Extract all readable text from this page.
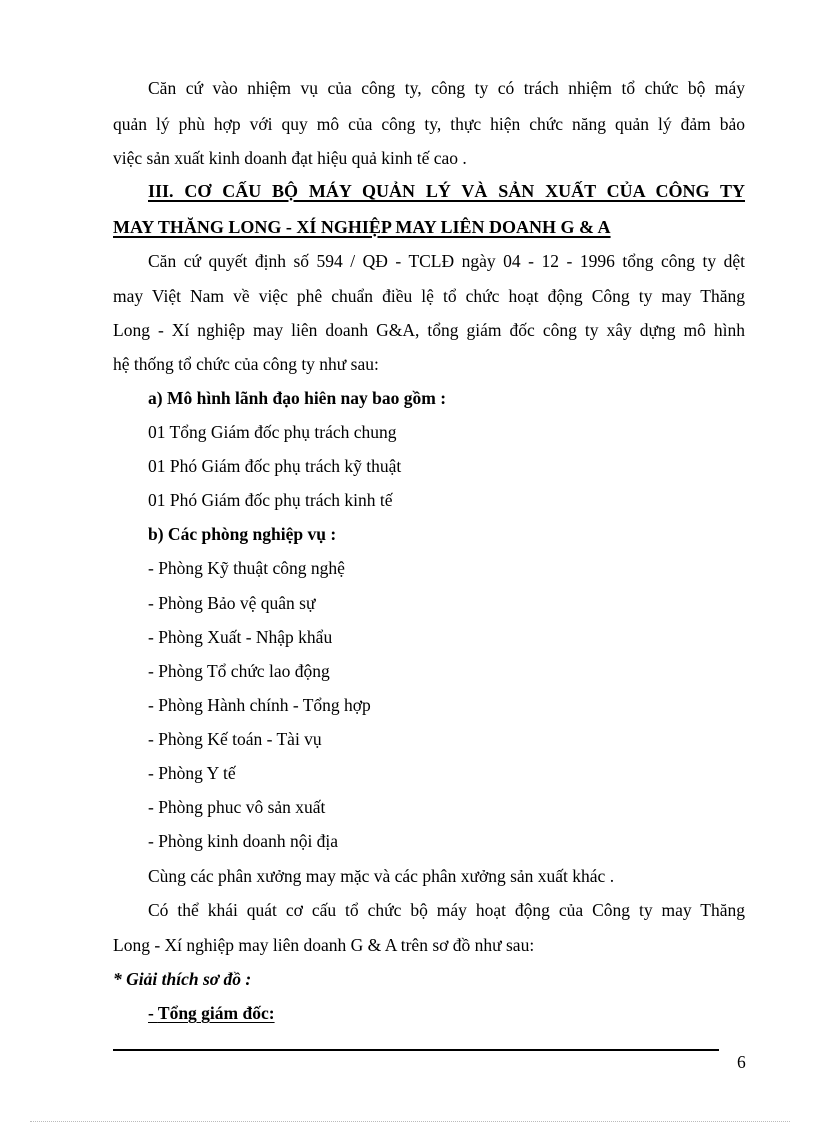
Căn cứ vào nhiệm vụ của công ty, công ty có trách nhiệm tổ chức bộ máy
quản lý phù hợp với quy mô của công ty, thực hiện chức năng quản lý đảm bảo
việc sản xuất kinh doanh đạt hiệu quả kinh tế cao .
III. CƠ CẤU BỘ MÁY QUẢN LÝ VÀ SẢN XUẤT CỦA CÔNG TY
MAY THĂNG LONG - XÍ NGHIỆP MAY LIÊN DOANH G & A
Căn cứ quyết định số 594 / QĐ - TCLĐ ngày 04 - 12 - 1996 tổng công ty dệt
may Việt Nam về việc phê chuẩn điều lệ tổ chức hoạt động Công ty may Thăng
Long - Xí nghiệp may liên doanh G&A, tổng giám đốc công ty xây dựng mô hình
hệ thống tổ chức của công ty như sau:
a) Mô hình lãnh đạo hiên nay bao gồm :
01 Tổng Giám đốc phụ trách chung
01 Phó Giám đốc phụ trách kỹ thuật
01 Phó Giám đốc phụ trách kinh tế
b) Các phòng nghiệp vụ :
- Phòng Kỹ thuật công nghệ
- Phòng Bảo vệ quân sự
- Phòng Xuất - Nhập khẩu
- Phòng Tổ chức lao động
- Phòng Hành chính - Tổng hợp
- Phòng Kế toán - Tài vụ
- Phòng Y tế
- Phòng phuc vô sản xuất
- Phòng kinh doanh nội địa
Cùng các phân xưởng may mặc và các phân xưởng sản xuất khác .
Có thể khái quát cơ cấu tổ chức bộ máy hoạt động của Công ty may Thăng
Long - Xí nghiệp may liên doanh G & A trên sơ đồ như sau:
* Giải thích sơ đồ :
- Tổng giám đốc:
6
